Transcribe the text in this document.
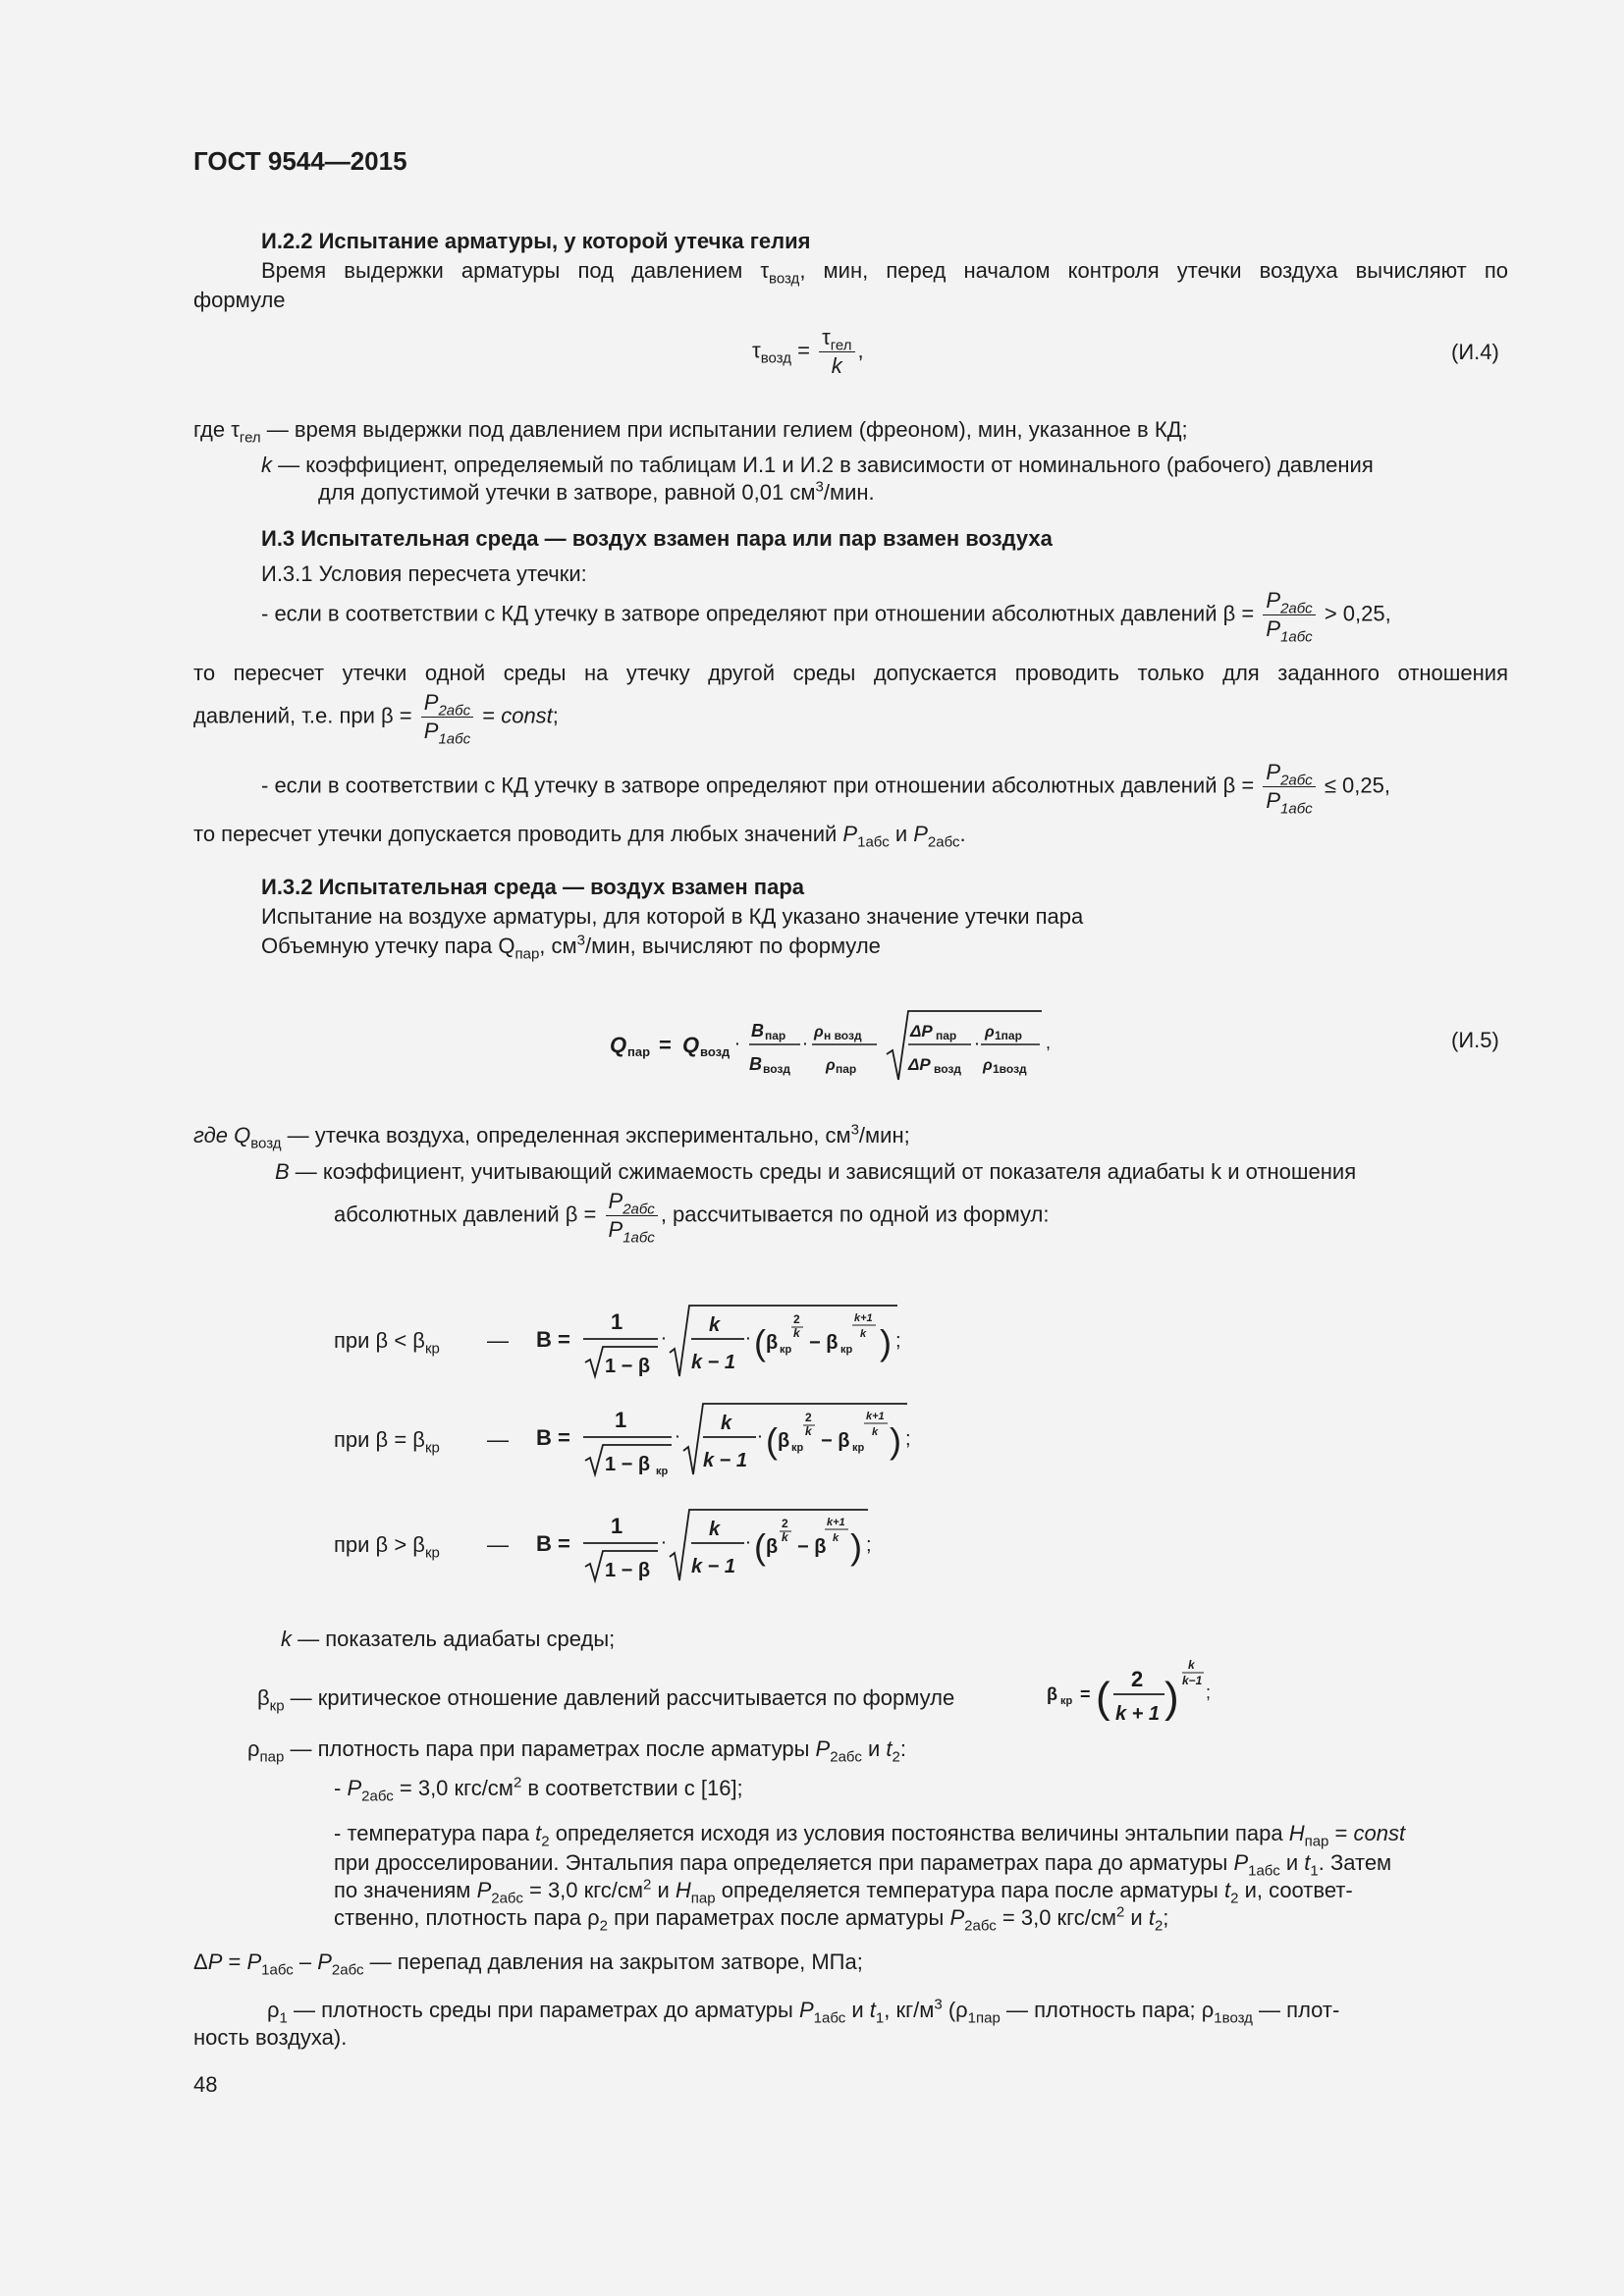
ГОСТ 9544—2015
И.2.2 Испытание арматуры, у которой утечка гелия
Время выдержки арматуры под давлением $\tau_{возд}$, мин, перед началом контроля утечки воздуха вычисляют по
формуле
$\tau_{возд}$ =
$\tau_{гел}$
k
,	(И.4)
где $\tau_{гел}$ — время выдержки под давлением при испытании гелием (фреоном), мин, указанное в КД;
k — коэффициент, определяемый по таблицам И.1 и И.2 в зависимости от номинального (рабочего) давления
для допустимой утечки в затворе, равной 0,01 $см^3$/мин.
И.3 Испытательная среда — воздух взамен пара или пар взамен воздуха
И.3.1 Условия пересчета утечки:
- если в соответствии с КД утечку в затворе определяют при отношении абсолютных давлений β =
$P_{2абс}$
$P_{1абс}$
> 0,25,
то пересчет утечки одной среды на утечку другой среды допускается проводить только для заданного отношения
давлений, т.е. при β =
$P_{2абс}$
$P_{1абс}$
= const;
- если в соответствии с КД утечку в затворе определяют при отношении абсолютных давлений β =
$P_{2абс}$
$P_{1абс}$
≤ 0,25,
то пересчет утечки допускается проводить для любых значений $P_{1абс}$ и $P_{2абс}$.
И.3.2 Испытательная среда — воздух взамен пара
Испытание на воздухе арматуры, для которой в КД указано значение утечки пара
Объемную утечку пара $Q_{пар}$, $см^3$/мин, вычисляют по формуле
Q пар = Q возд
·
B пар
B возд
·
ρ н возд
ρ пар
ΔP пар
ΔP возд
·
ρ 1пар
ρ 1возд
,	(И.5)
где $Q_{возд}$ — утечка воздуха, определенная экспериментально, $см^3$/мин;
B — коэффициент, учитывающий сжимаемость среды и зависящий от показателя адиабаты k и отношения
абсолютных давлений β =
$P_{2абс}$
$P_{1абс}$
, рассчитывается по одной из формул:
при $\beta < \beta_{кр}$ — B =
1
1 − β
·
k
k − 1
· ( β кр
2
k − β кр
k+1
k ) ;
при $\beta = \beta_{кр}$ — B =
1
1 − β кр
·
k
k − 1
· ( β кр
2
k − β кр
k+1
k ) ;
при $\beta > \beta_{кр}$ — B =
1
1 − β
·
k
k − 1
· ( β
2
k − β
k+1
k ) ;
k — показатель адиабаты среды;
$\beta_{кр}$ — критическое отношение давлений рассчитывается по формуле	β кр = ( 2
k + 1 )
k
k−1
;
$\rho_{пар}$ — плотность пара при параметрах после арматуры $P_{2абс}$ и $t_2$:
- $P_{2абс} = 3,0$ кгс/$см^2$ в соответствии с [16];
- температура пара $t_2$ определяется исходя из условия постоянства величины энтальпии пара $H_{пар}$ = const
при дросселировании. Энтальпия пара определяется при параметрах пара до арматуры $P_{1абс}$ и $t_1$. Затем
по значениям $P_{2абс} = 3,0$ кгс/$см^2$ и $H_{пар}$ определяется температура пара после арматуры $t_2$ и, соответ-
ственно, плотность пара $\rho_2$ при параметрах после арматуры $P_{2абс} = 3,0$ кгс/$см^2$ и $t_2$;
$\Delta P = P_{1абс} - P_{2абс}$ — перепад давления на закрытом затворе, МПа;
$\rho_1$ — плотность среды при параметрах до арматуры $P_{1абс}$ и $t_1$, $кг/м^3$ ($\rho_{1пар}$ — плотность пара; $\rho_{1возд}$ — плот-
ность воздуха).
48
